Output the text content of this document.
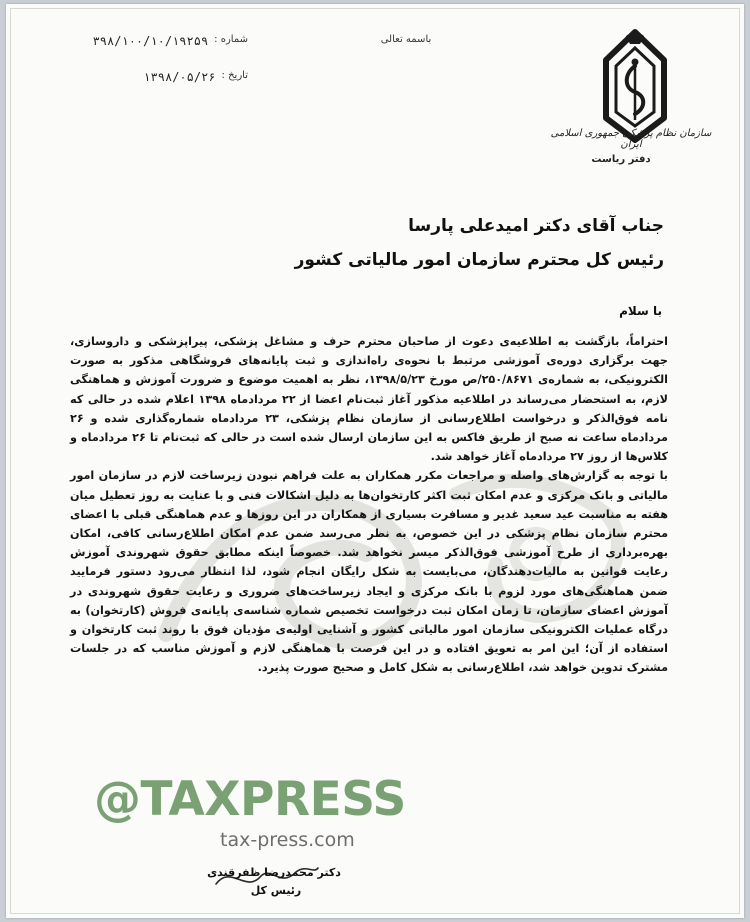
شماره :
۳۹۸/۱۰۰/۱۰/۱۹۲۵۹
تاریخ :
۱۳۹۸/۰۵/۲۶
باسمه تعالی
سازمان نظام پزشکی جمهوری اسلامی ایران
دفتر ریاست
جناب آقای دکتر امیدعلی پارسا
رئیس کل محترم سازمان امور مالیاتی کشور
با سلام

احتراماً، بازگشت به اطلاعیه‌ی دعوت از صاحبان محترم حرف و مشاغل پزشکی، پیراپزشکی و داروسازی، جهت برگزاری دوره‌ی آموزشی مرتبط با نحوه‌ی راه‌اندازی و ثبت پایانه‌های فروشگاهی مذکور به صورت الکترونیکی، به شماره‌ی ۲۵۰/۸۶۷۱/ص مورخ ۱۳۹۸/۵/۲۳، نظر به اهمیت موضوع و ضرورت آموزش و هماهنگی لازم، به استحضار می‌رساند در اطلاعیه مذکور آغاز ثبت‌نام اعضا از ۲۲ مردادماه ۱۳۹۸ اعلام شده در حالی که نامه فوق‌الذکر و درخواست اطلاع‌رسانی از سازمان نظام پزشکی، ۲۳ مردادماه شماره‌گذاری شده و ۲۶ مردادماه ساعت نه صبح از طریق فاکس به این سازمان ارسال شده است در حالی که ثبت‌نام تا ۲۶ مردادماه و کلاس‌ها از روز ۲۷ مردادماه آغاز خواهد شد.

با توجه به گزارش‌های واصله و مراجعات مکرر همکاران به علت فراهم نبودن زیرساخت لازم در سازمان امور مالیاتی و بانک مرکزی و عدم امکان ثبت اکثر کارتخوان‌ها به دلیل اشکالات فنی و با عنایت به روز تعطیل میان هفته به مناسبت عید سعید غدیر و مسافرت بسیاری از همکاران در این روزها و عدم هماهنگی قبلی با اعضای محترم سازمان نظام پزشکی در این خصوص، به نظر می‌رسد ضمن عدم امکان اطلاع‌رسانی کافی، امکان بهره‌برداری از طرح آموزشی فوق‌الذکر میسر نخواهد شد. خصوصاً اینکه مطابق حقوق شهروندی آموزش رعایت قوانین به مالیات‌دهندگان، می‌بایست به شکل رایگان انجام شود، لذا انتظار می‌رود دستور فرمایید ضمن هماهنگی‌های مورد لزوم با بانک مرکزی و ایجاد زیرساخت‌های ضروری و رعایت حقوق شهروندی در آموزش اعضای سازمان، تا زمان امکان ثبت درخواست تخصیص شماره شناسه‌ی پایانه‌ی فروش (کارتخوان) به درگاه عملیات الکترونیکی سازمان امور مالیاتی کشور و آشنایی اولیه‌ی مؤدیان فوق با روند ثبت کارتخوان و استفاده از آن؛ این امر به تعویق افتاده و در این فرصت با هماهنگی لازم و آموزش مناسب که در جلسات مشترک تدوین خواهد شد، اطلاع‌رسانی به شکل کامل و صحیح صورت پذیرد.

@TAXPRESS
tax-press.com
دکتر محمدرضا ظفرقندی
رئیس کل
